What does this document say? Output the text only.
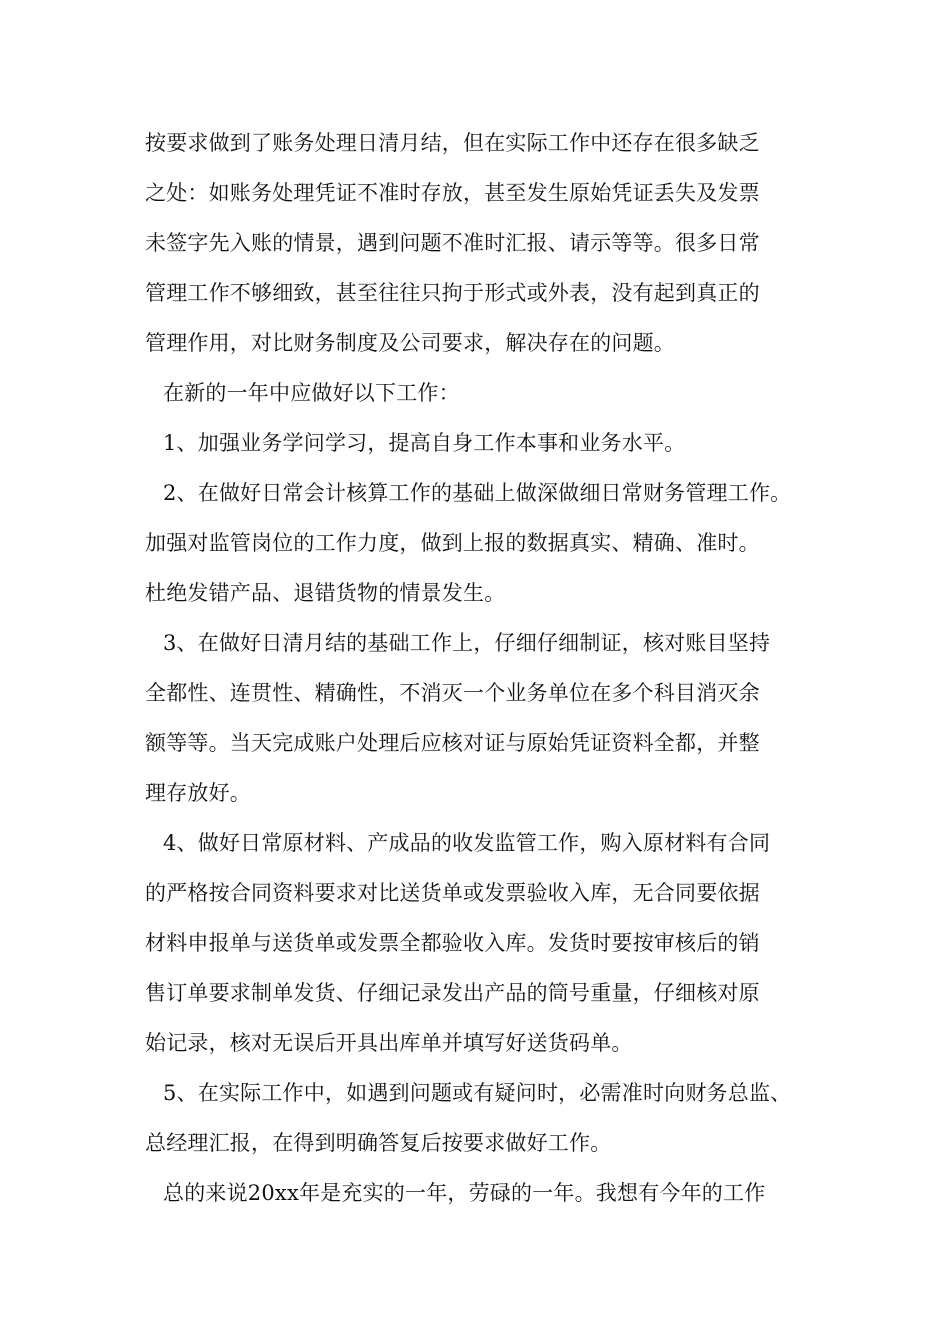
按要求做到了账务处理日清月结，但在实际工作中还存在很多缺乏
之处：如账务处理凭证不准时存放，甚至发生原始凭证丢失及发票
未签字先入账的情景，遇到问题不准时汇报、请示等等。很多日常
管理工作不够细致，甚至往往只拘于形式或外表，没有起到真正的
管理作用，对比财务制度及公司要求，解决存在的问题。
在新的一年中应做好以下工作：
1、加强业务学问学习，提高自身工作本事和业务水平。
2、在做好日常会计核算工作的基础上做深做细日常财务管理工作。
加强对监管岗位的工作力度，做到上报的数据真实、精确、准时。
杜绝发错产品、退错货物的情景发生。
3、在做好日清月结的基础工作上，仔细仔细制证，核对账目坚持
全都性、连贯性、精确性，不消灭一个业务单位在多个科目消灭余
额等等。当天完成账户处理后应核对证与原始凭证资料全都，并整
理存放好。
4、做好日常原材料、产成品的收发监管工作，购入原材料有合同
的严格按合同资料要求对比送货单或发票验收入库，无合同要依据
材料申报单与送货单或发票全都验收入库。发货时要按审核后的销
售订单要求制单发货、仔细记录发出产品的筒号重量，仔细核对原
始记录，核对无误后开具出库单并填写好送货码单。
5、在实际工作中，如遇到问题或有疑问时，必需准时向财务总监、
总经理汇报，在得到明确答复后按要求做好工作。
总的来说20xx年是充实的一年，劳碌的一年。我想有今年的工作
